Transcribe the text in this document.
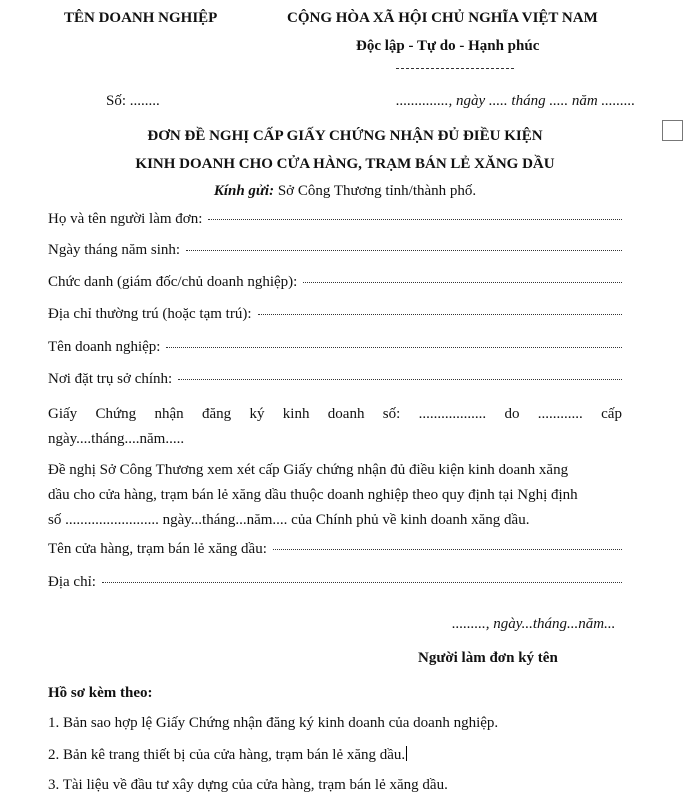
TÊN DOANH NGHIỆP	CỘNG HÒA XÃ HỘI CHỦ NGHĨA VIỆT NAM
Độc lập - Tự do - Hạnh phúc
Số: ........	.............., ngày ..... tháng ..... năm .........
ĐƠN ĐỀ NGHỊ CẤP GIẤY CHỨNG NHẬN ĐỦ ĐIỀU KIỆN
KINH DOANH CHO CỬA HÀNG, TRẠM BÁN LẺ XĂNG DẦU
Kính gửi: Sở Công Thương tỉnh/thành phố.
Họ và tên người làm đơn:
Ngày tháng năm sinh:
Chức danh (giám đốc/chủ doanh nghiệp):
Địa chỉ thường trú (hoặc tạm trú):
Tên doanh nghiệp:
Nơi đặt trụ sở chính:
Giấy Chứng nhận đăng ký kinh doanh số: .................. do ............ cấp
ngày....tháng....năm.....
Đề nghị Sở Công Thương xem xét cấp Giấy chứng nhận đủ điều kiện kinh doanh xăng
dầu cho cửa hàng, trạm bán lẻ xăng dầu thuộc doanh nghiệp theo quy định tại Nghị định
số ......................... ngày...tháng...năm.... của Chính phủ về kinh doanh xăng dầu.
Tên cửa hàng, trạm bán lẻ xăng dầu:
Địa chỉ:
........., ngày...tháng...năm...
Người làm đơn ký tên
Hồ sơ kèm theo:
1. Bản sao hợp lệ Giấy Chứng nhận đăng ký kinh doanh của doanh nghiệp.
2. Bản kê trang thiết bị của cửa hàng, trạm bán lẻ xăng dầu.
3. Tài liệu về đầu tư xây dựng của cửa hàng, trạm bán lẻ xăng dầu.
